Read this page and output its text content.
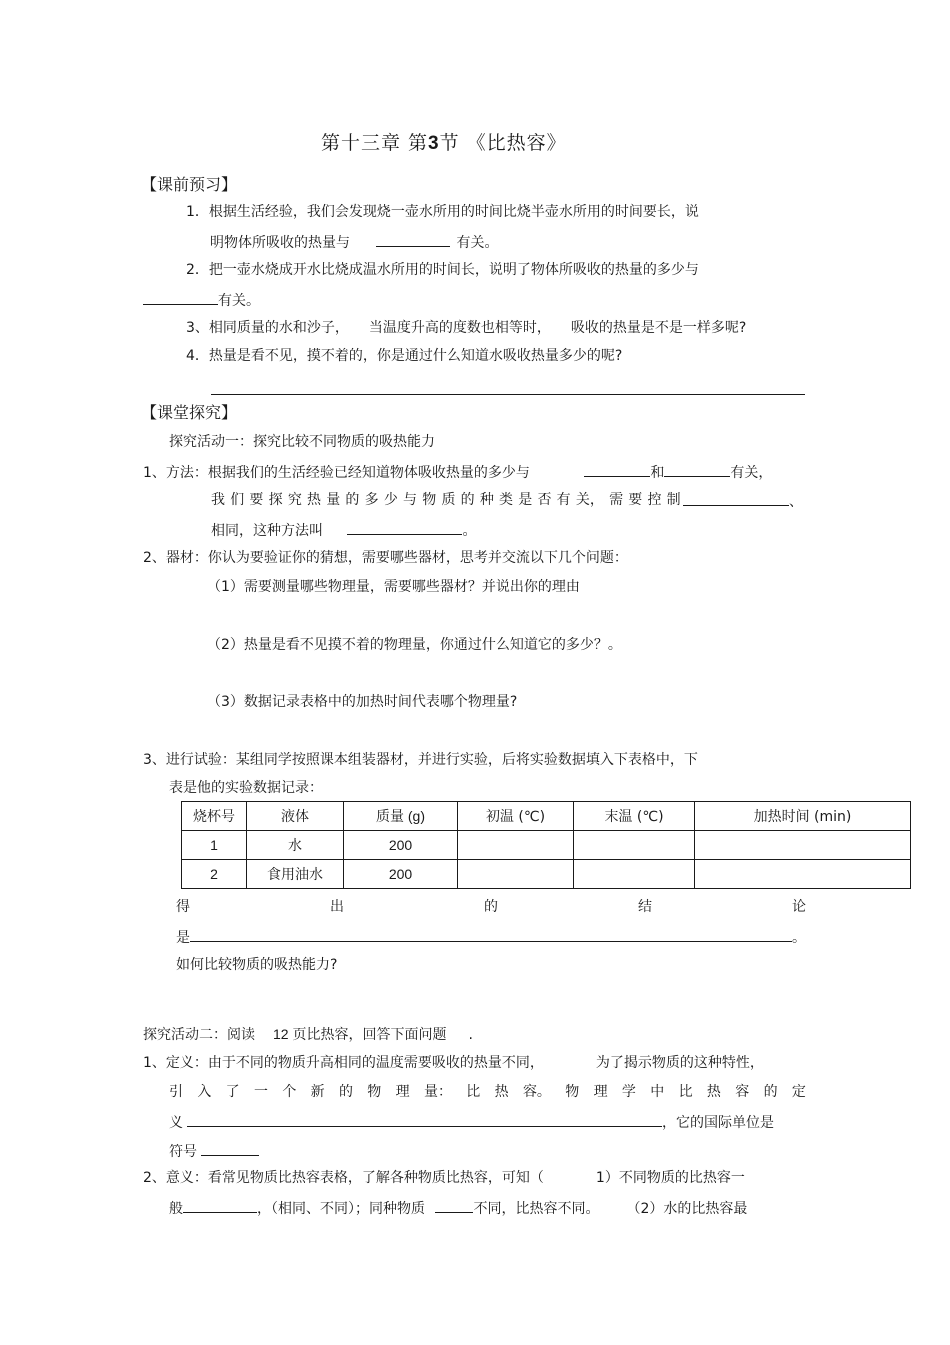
第十三章 第3节 《比热容》
【课前预习】
1．根据生活经验，我们会发现烧一壶水所用的时间比烧半壶水所用的时间要长，说
明物体所吸收的热量与	有关。
2．把一壶水烧成开水比烧成温水所用的时间长，说明了物体所吸收的热量的多少与
有关。
3、相同质量的水和沙子， 当温度升高的度数也相等时， 吸收的热量是不是一样多呢?
4．热量是看不见，摸不着的，你是通过什么知道水吸收热量多少的呢?
【课堂探究】
探究活动一：探究比较不同物质的吸热能力
1、方法：根据我们的生活经验已经知道物体吸收热量的多少与	和	有关，
我 们 要 探 究 热 量 的 多 少 与 物 质 的 种 类 是 否 有 关， 需 要 控 制	、
相同，这种方法叫	。
2、器材：你认为要验证你的猜想，需要哪些器材，思考并交流以下几个问题：
（1）需要测量哪些物理量，需要哪些器材？并说出你的理由
（2）热量是看不见摸不着的物理量，你通过什么知道它的多少？。
（3）数据记录表格中的加热时间代表哪个物理量?
3、进行试验：某组同学按照课本组装器材，并进行实验，后将实验数据填入下表格中，下
表是他的实验数据记录：
烧杯号	液体	质量 (g)	初温 (℃)	末温 (℃)	加热时间 (min)
1	水	200			
2	食用油水	200			
得	出	的	结	论
是	。
如何比较物质的吸热能力?
探究活动二：阅读 12 页比热容，回答下面问题 .
1、定义：由于不同的物质升高相同的温度需要吸收的热量不同，	为了揭示物质的这种特性，
引 入 了 一 个 新 的 物 理 量： 比 热 容。 物 理 学 中 比 热 容 的 定
义	，它的国际单位是
符号
2、意义：看常见物质比热容表格，了解各种物质比热容，可知（	1）不同物质的比热容一
般	，（相同、不同）；同种物质	不同，比热容不同。 （2）水的比热容最
